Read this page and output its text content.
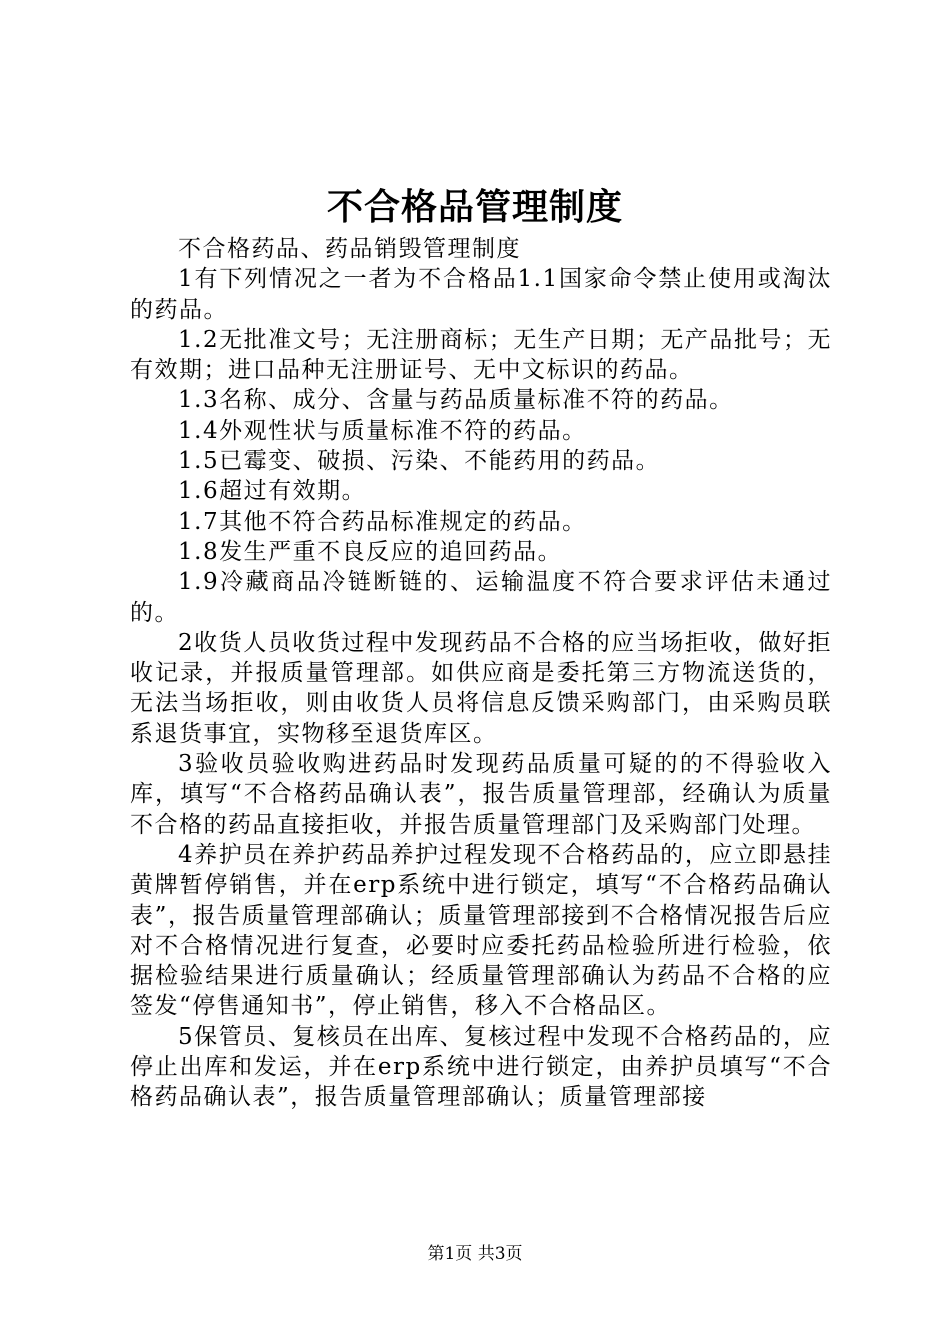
不合格品管理制度

不合格药品、药品销毁管理制度

1有下列情况之一者为不合格品1.1国家命令禁止使用或淘汰的药品。

1.2无批准文号；无注册商标；无生产日期；无产品批号；无有效期；进口品种无注册证号、无中文标识的药品。

1.3名称、成分、含量与药品质量标准不符的药品。

1.4外观性状与质量标准不符的药品。

1.5已霉变、破损、污染、不能药用的药品。

1.6超过有效期。

1.7其他不符合药品标准规定的药品。

1.8发生严重不良反应的追回药品。

1.9冷藏商品冷链断链的、运输温度不符合要求评估未通过的。

2收货人员收货过程中发现药品不合格的应当场拒收，做好拒收记录，并报质量管理部。如供应商是委托第三方物流送货的，无法当场拒收，则由收货人员将信息反馈采购部门，由采购员联系退货事宜，实物移至退货库区。

3验收员验收购进药品时发现药品质量可疑的的不得验收入库，填写“不合格药品确认表”，报告质量管理部，经确认为质量不合格的药品直接拒收，并报告质量管理部门及采购部门处理。

4养护员在养护药品养护过程发现不合格药品的，应立即悬挂黄牌暂停销售，并在erp系统中进行锁定，填写“不合格药品确认表”，报告质量管理部确认；质量管理部接到不合格情况报告后应对不合格情况进行复查，必要时应委托药品检验所进行检验，依据检验结果进行质量确认；经质量管理部确认为药品不合格的应签发“停售通知书”，停止销售，移入不合格品区。

5保管员、复核员在出库、复核过程中发现不合格药品的，应停止出库和发运，并在erp系统中进行锁定，由养护员填写“不合格药品确认表”，报告质量管理部确认；质量管理部接

第1页 共3页
